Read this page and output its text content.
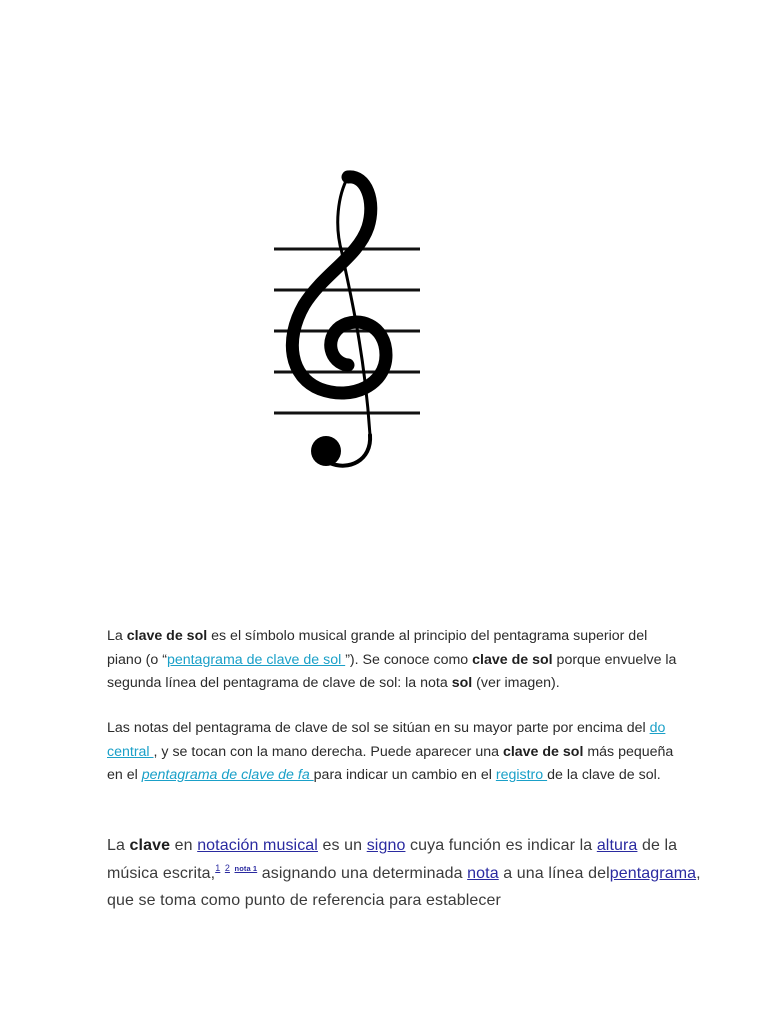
La clave de sol es el símbolo musical grande al principio del pentagrama superior del piano (o “pentagrama de clave de sol ”). Se conoce como clave de sol porque envuelve la segunda línea del pentagrama de clave de sol: la nota sol (ver imagen).
Las notas del pentagrama de clave de sol se sitúan en su mayor parte por encima del do central , y se tocan con la mano derecha. Puede aparecer una clave de sol más pequeña en el pentagrama de clave de fa para indicar un cambio en el registro de la clave de sol.
La clave en notación musical es un signo cuya función es indicar la altura de la música escrita,$^1$ $^2$ $^{nota 1}$ asignando una determinada nota a una línea delpentagrama, que se toma como punto de referencia para establecer
